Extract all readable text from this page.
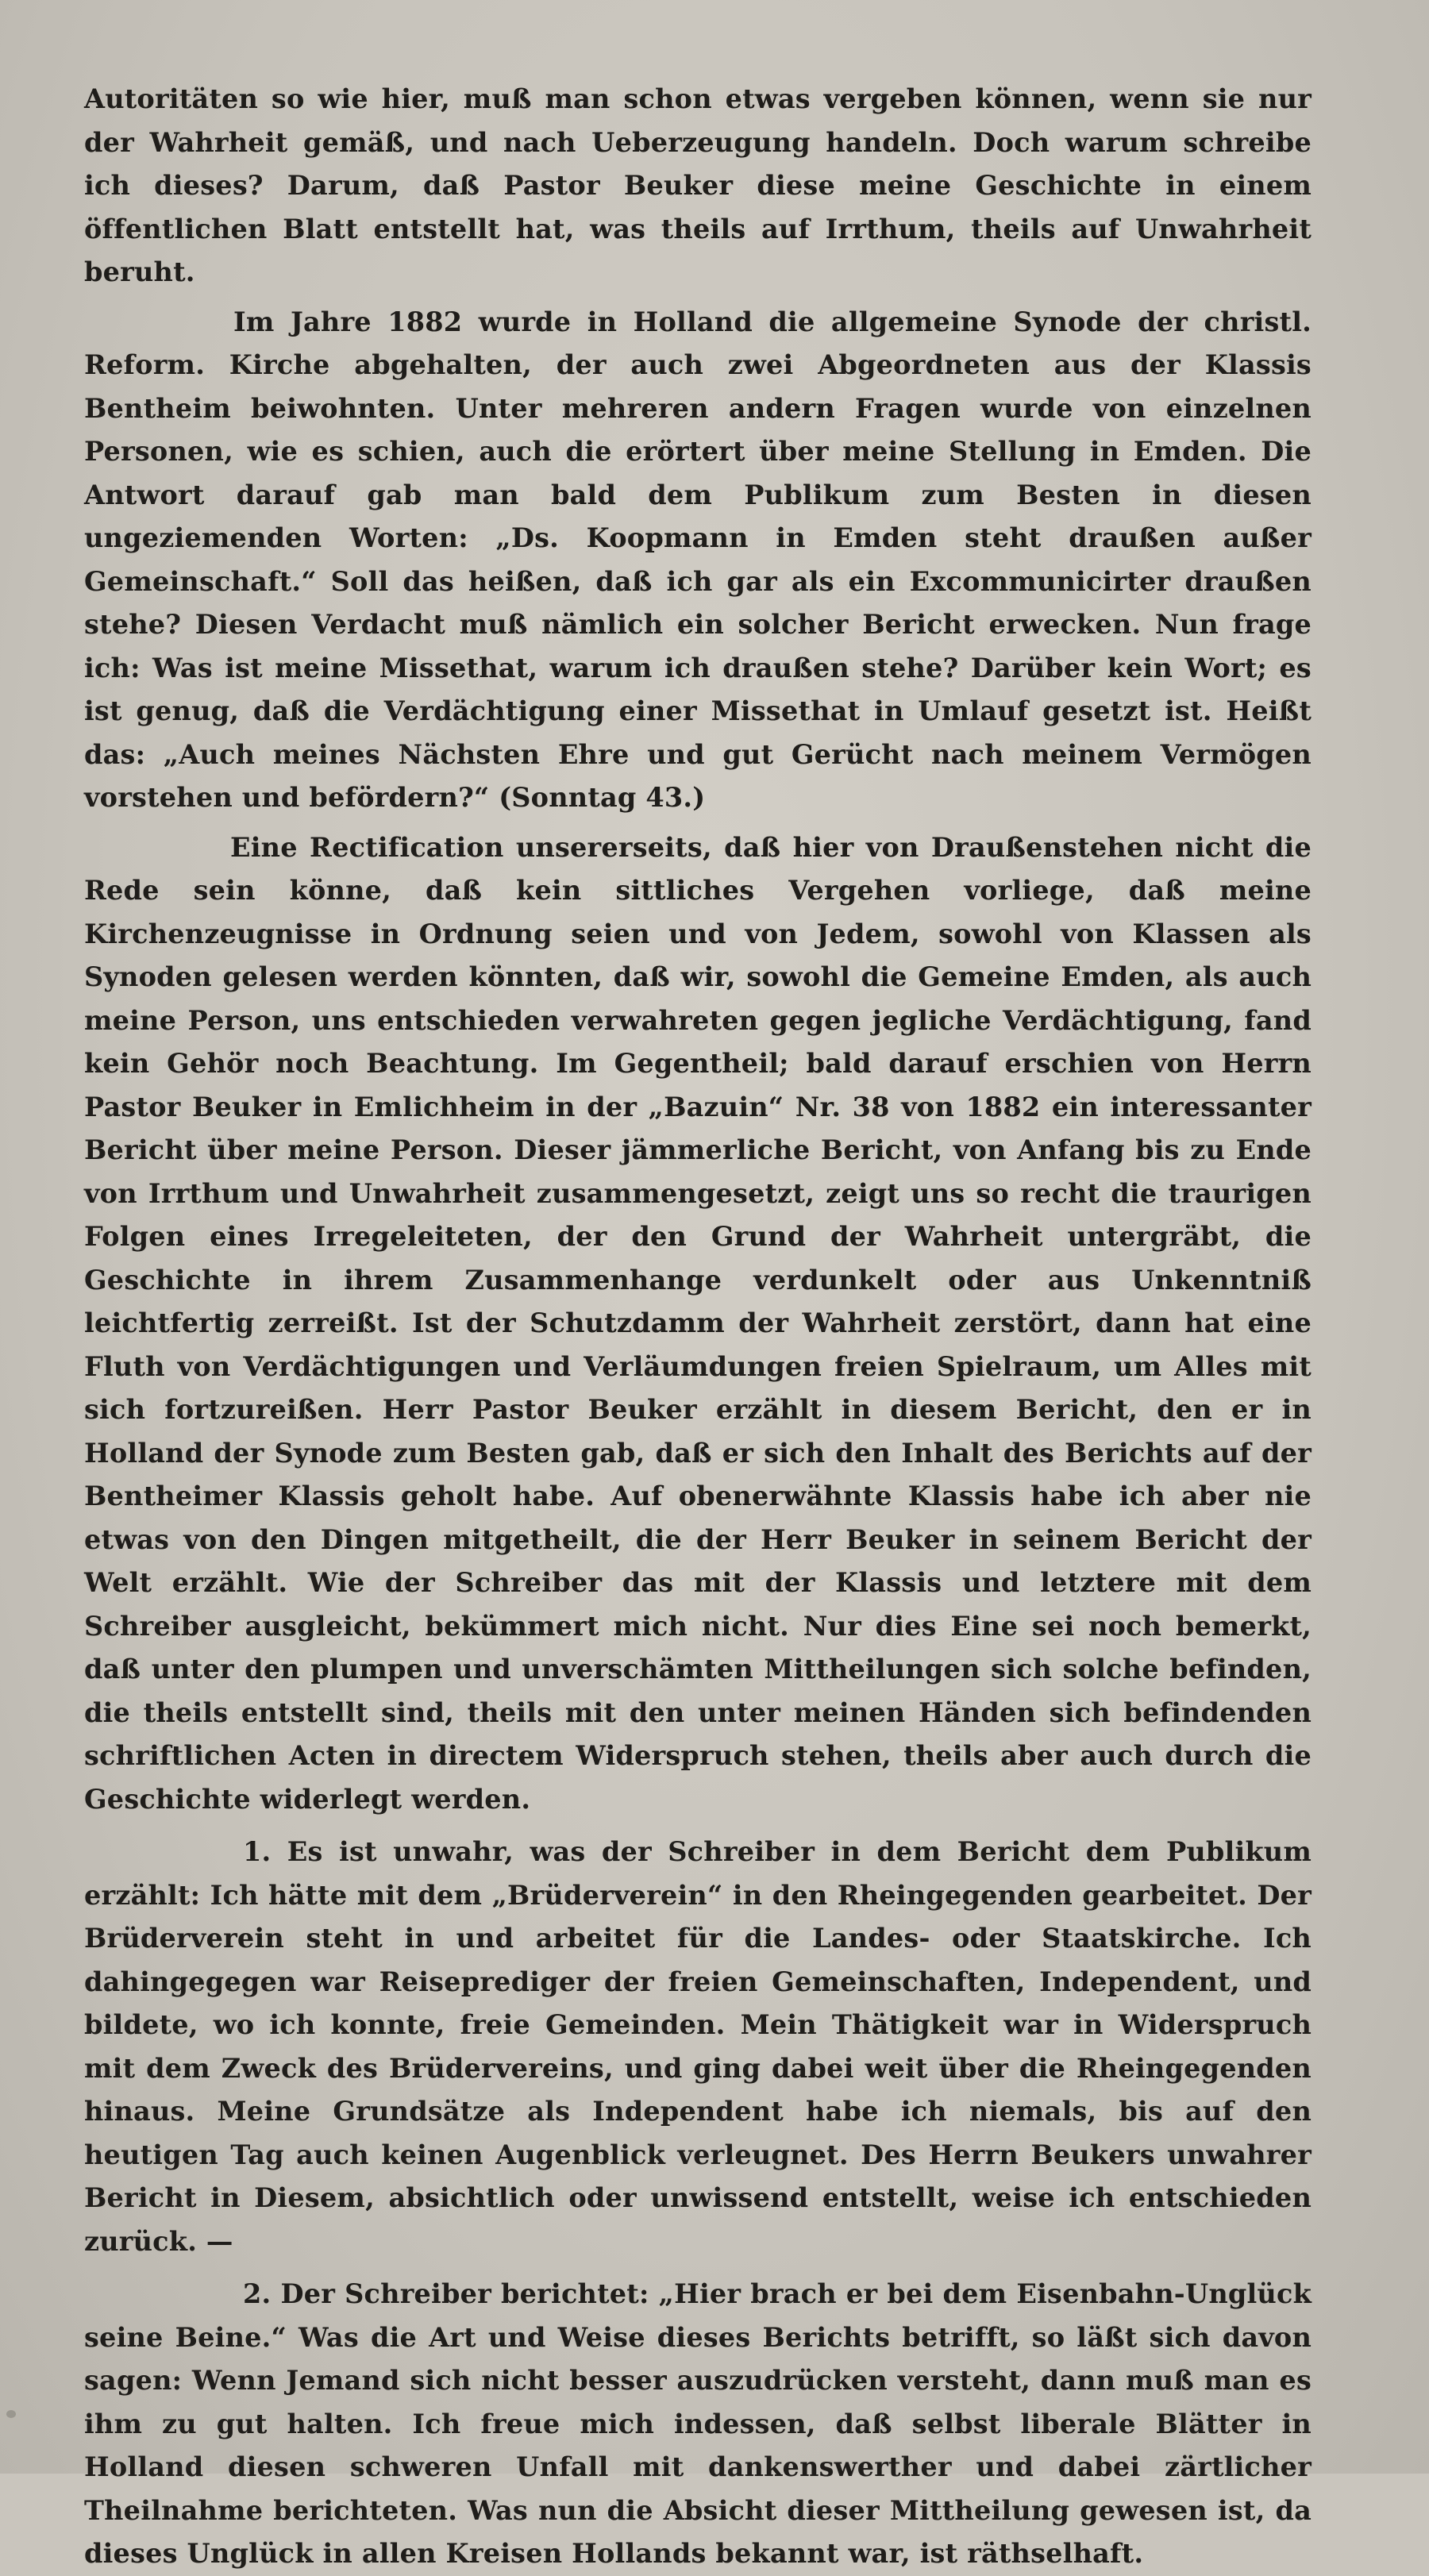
Autoritäten so wie hier, muß man schon etwas vergeben können, wenn sie nur der Wahrheit gemäß, und nach Ueberzeugung handeln. Doch warum schreibe ich dieses? Darum, daß Pastor Beuker diese meine Geschichte in einem öffentlichen Blatt entstellt hat, was theils auf Irrthum, theils auf Unwahrheit beruht.

Im Jahre 1882 wurde in Holland die allgemeine Synode der christl. Reform. Kirche abgehalten, der auch zwei Abgeordneten aus der Klassis Bentheim beiwohnten. Unter mehreren andern Fragen wurde von einzelnen Personen, wie es schien, auch die erörtert über meine Stellung in Emden. Die Antwort darauf gab man bald dem Publikum zum Besten in diesen ungeziemenden Worten: „Ds. Koopmann in Emden steht draußen außer Gemeinschaft.“ Soll das heißen, daß ich gar als ein Excommunicirter draußen stehe? Diesen Verdacht muß nämlich ein solcher Bericht erwecken. Nun frage ich: Was ist meine Missethat, warum ich draußen stehe? Darüber kein Wort; es ist genug, daß die Verdächtigung einer Missethat in Umlauf gesetzt ist. Heißt das: „Auch meines Nächsten Ehre und gut Gerücht nach meinem Vermögen vorstehen und befördern?“ (Sonntag 43.)

Eine Rectification unsererseits, daß hier von Draußenstehen nicht die Rede sein könne, daß kein sittliches Vergehen vorliege, daß meine Kirchenzeugnisse in Ordnung seien und von Jedem, sowohl von Klassen als Synoden gelesen werden könnten, daß wir, sowohl die Gemeine Emden, als auch meine Person, uns entschieden verwahreten gegen jegliche Verdächtigung, fand kein Gehör noch Beachtung. Im Gegentheil; bald darauf erschien von Herrn Pastor Beuker in Emlichheim in der „Bazuin“ Nr. 38 von 1882 ein interessanter Bericht über meine Person. Dieser jämmerliche Bericht, von Anfang bis zu Ende von Irrthum und Unwahrheit zusammengesetzt, zeigt uns so recht die traurigen Folgen eines Irregeleiteten, der den Grund der Wahrheit untergräbt, die Geschichte in ihrem Zusammenhange verdunkelt oder aus Unkenntniß leichtfertig zerreißt. Ist der Schutzdamm der Wahrheit zerstört, dann hat eine Fluth von Verdächtigungen und Verläumdungen freien Spielraum, um Alles mit sich fortzureißen. Herr Pastor Beuker erzählt in diesem Bericht, den er in Holland der Synode zum Besten gab, daß er sich den Inhalt des Berichts auf der Bentheimer Klassis geholt habe. Auf obenerwähnte Klassis habe ich aber nie etwas von den Dingen mitgetheilt, die der Herr Beuker in seinem Bericht der Welt erzählt. Wie der Schreiber das mit der Klassis und letztere mit dem Schreiber ausgleicht, bekümmert mich nicht. Nur dies Eine sei noch bemerkt, daß unter den plumpen und unverschämten Mittheilungen sich solche befinden, die theils entstellt sind, theils mit den unter meinen Händen sich befindenden schriftlichen Acten in directem Widerspruch stehen, theils aber auch durch die Geschichte widerlegt werden.

1. Es ist unwahr, was der Schreiber in dem Bericht dem Publikum erzählt: Ich hätte mit dem „Brüderverein“ in den Rheingegenden gearbeitet. Der Brüderverein steht in und arbeitet für die Landes- oder Staatskirche. Ich dahingegegen war Reiseprediger der freien Gemeinschaften, Independent, und bildete, wo ich konnte, freie Gemeinden. Mein Thätigkeit war in Widerspruch mit dem Zweck des Brüdervereins, und ging dabei weit über die Rheingegenden hinaus. Meine Grundsätze als Independent habe ich niemals, bis auf den heutigen Tag auch keinen Augenblick verleugnet. Des Herrn Beukers unwahrer Bericht in Diesem, absichtlich oder unwissend entstellt, weise ich entschieden zurück. —

2. Der Schreiber berichtet: „Hier brach er bei dem Eisenbahn-Unglück seine Beine.“ Was die Art und Weise dieses Berichts betrifft, so läßt sich davon sagen: Wenn Jemand sich nicht besser auszudrücken versteht, dann muß man es ihm zu gut halten. Ich freue mich indessen, daß selbst liberale Blätter in Holland diesen schweren Unfall mit dankenswerther und dabei zärtlicher Theilnahme berichteten. Was nun die Absicht dieser Mittheilung gewesen ist, da dieses Unglück in allen Kreisen Hollands bekannt war, ist räthselhaft.
